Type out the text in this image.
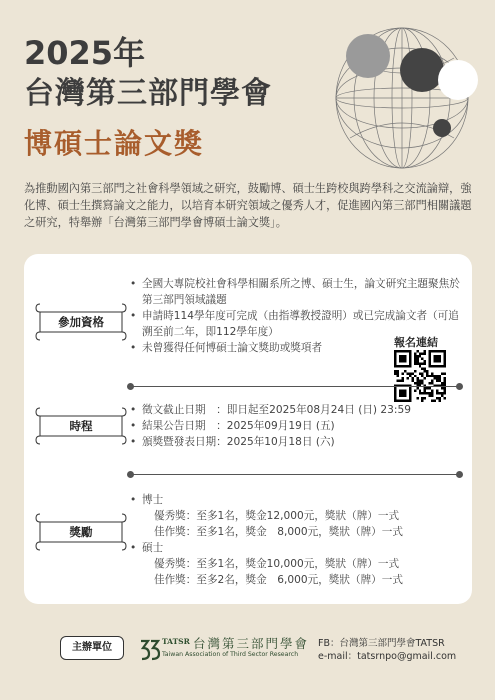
2025年
台灣第三部門學會
博碩士論文獎

為推動國內第三部門之社會科學領域之研究，鼓勵博、碩士生跨校與跨學科之交流論辯，強化博、碩士生撰寫論文之能力，以培育本研究領域之優秀人才，促進國內第三部門相關議題之研究，特舉辦「台灣第三部門學會博碩士論文獎」。

參加資格
• 全國大專院校社會科學相關系所之博、碩士生，論文研究主題聚焦於第三部門領域議題
• 申請時114學年度可完成（由指導教授證明）或已完成論文者（可追溯至前二年，即112學年度）
• 未曾獲得任何博碩士論文獎助或獎項者	報名連結
時程
• 徵文截止日期　：即日起至2025年08月24日 (日) 23:59
• 結果公告日期　：2025年09月19日 (五)
• 頒獎暨發表日期：2025年10月18日 (六)
獎勵
• 博士
優秀獎：至多1名，獎金12,000元，獎狀（牌）一式
佳作獎：至多1名，獎金　8,000元，獎狀（牌）一式
• 碩士
優秀獎：至多1名，獎金10,000元，獎狀（牌）一式
佳作獎：至多2名，獎金　6,000元，獎狀（牌）一式
主辦單位
TATSR 台灣第三部門學會
Taiwan Association of Third Sector Research
FB：台灣第三部門學會TATSR
e-mail：tatsrnpo@gmail.com
